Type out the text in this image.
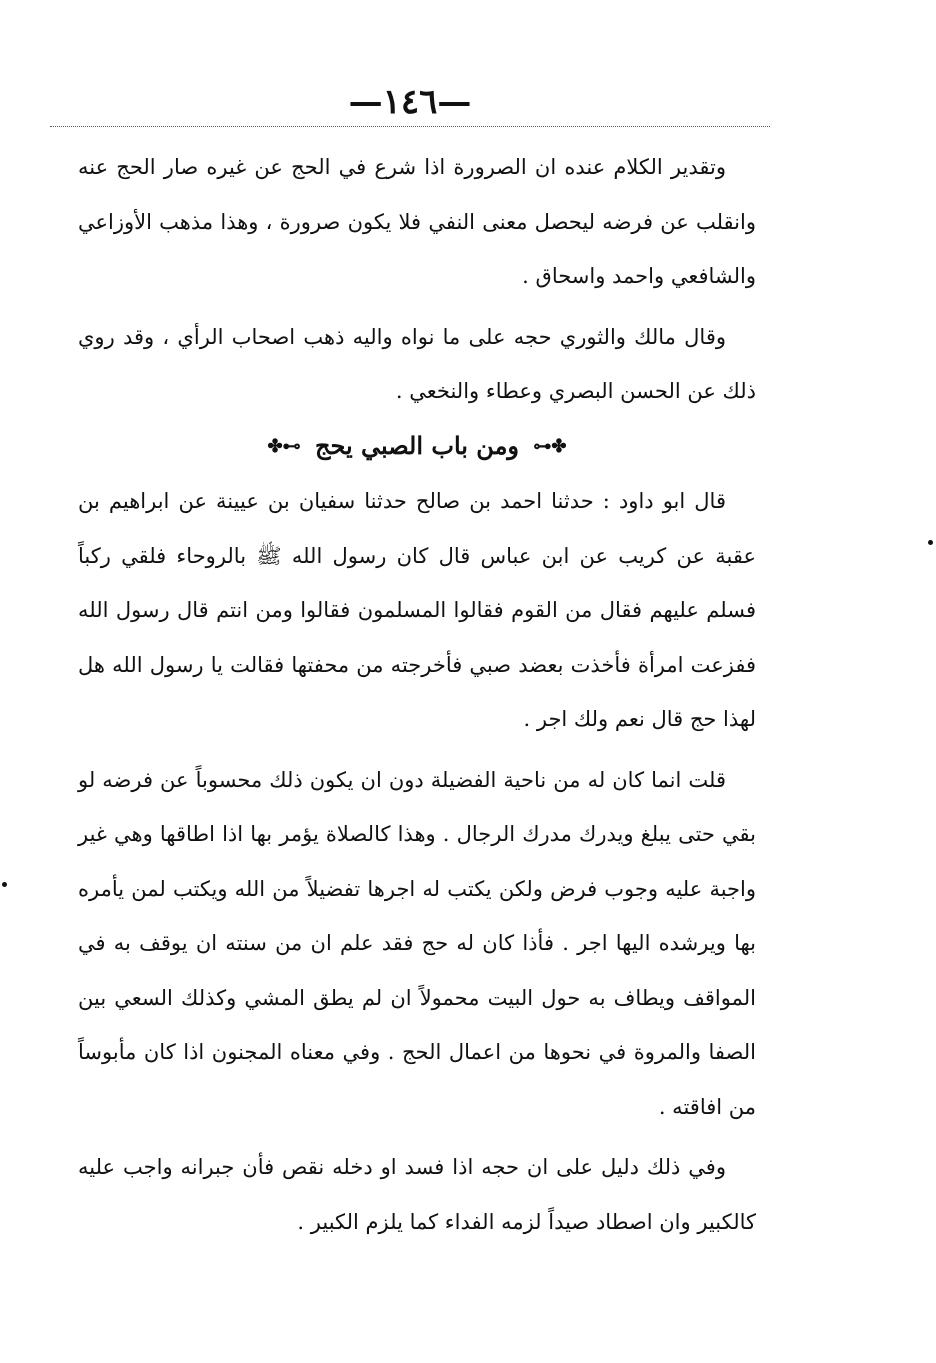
—١٤٦—

وتقدير الكلام عنده ان الصرورة اذا شرع في الحج عن غيره صار الحج عنه وانقلب عن فرضه ليحصل معنى النفي فلا يكون صرورة ، وهذا مذهب الأوزاعي والشافعي واحمد واسحاق .

وقال مالك والثوري حجه على ما نواه واليه ذهب اصحاب الرأي ، وقد روي ذلك عن الحسن البصري وعطاء والنخعي .

✤⊷ ومن باب الصبي يحج ⊶✤

قال ابو داود : حدثنا احمد بن صالح حدثنا سفيان بن عيينة عن ابراهيم بن عقبة عن كريب عن ابن عباس قال كان رسول الله ﷺ بالروحاء فلقي ركباً فسلم عليهم فقال من القوم فقالوا المسلمون فقالوا ومن انتم قال رسول الله ففزعت امرأة فأخذت بعضد صبي فأخرجته من محفتها فقالت يا رسول الله هل لهذا حج قال نعم ولك اجر .

قلت انما كان له من ناحية الفضيلة دون ان يكون ذلك محسوباً عن فرضه لو بقي حتى يبلغ ويدرك مدرك الرجال . وهذا كالصلاة يؤمر بها اذا اطاقها وهي غير واجبة عليه وجوب فرض ولكن يكتب له اجرها تفضيلاً من الله ويكتب لمن يأمره بها ويرشده اليها اجر . فأذا كان له حج فقد علم ان من سنته ان يوقف به في المواقف ويطاف به حول البيت محمولاً ان لم يطق المشي وكذلك السعي بين الصفا والمروة في نحوها من اعمال الحج . وفي معناه المجنون اذا كان مأبوساً من افاقته .

وفي ذلك دليل على ان حجه اذا فسد او دخله نقص فأن جبرانه واجب عليه كالكبير وان اصطاد صيداً لزمه الفداء كما يلزم الكبير .
